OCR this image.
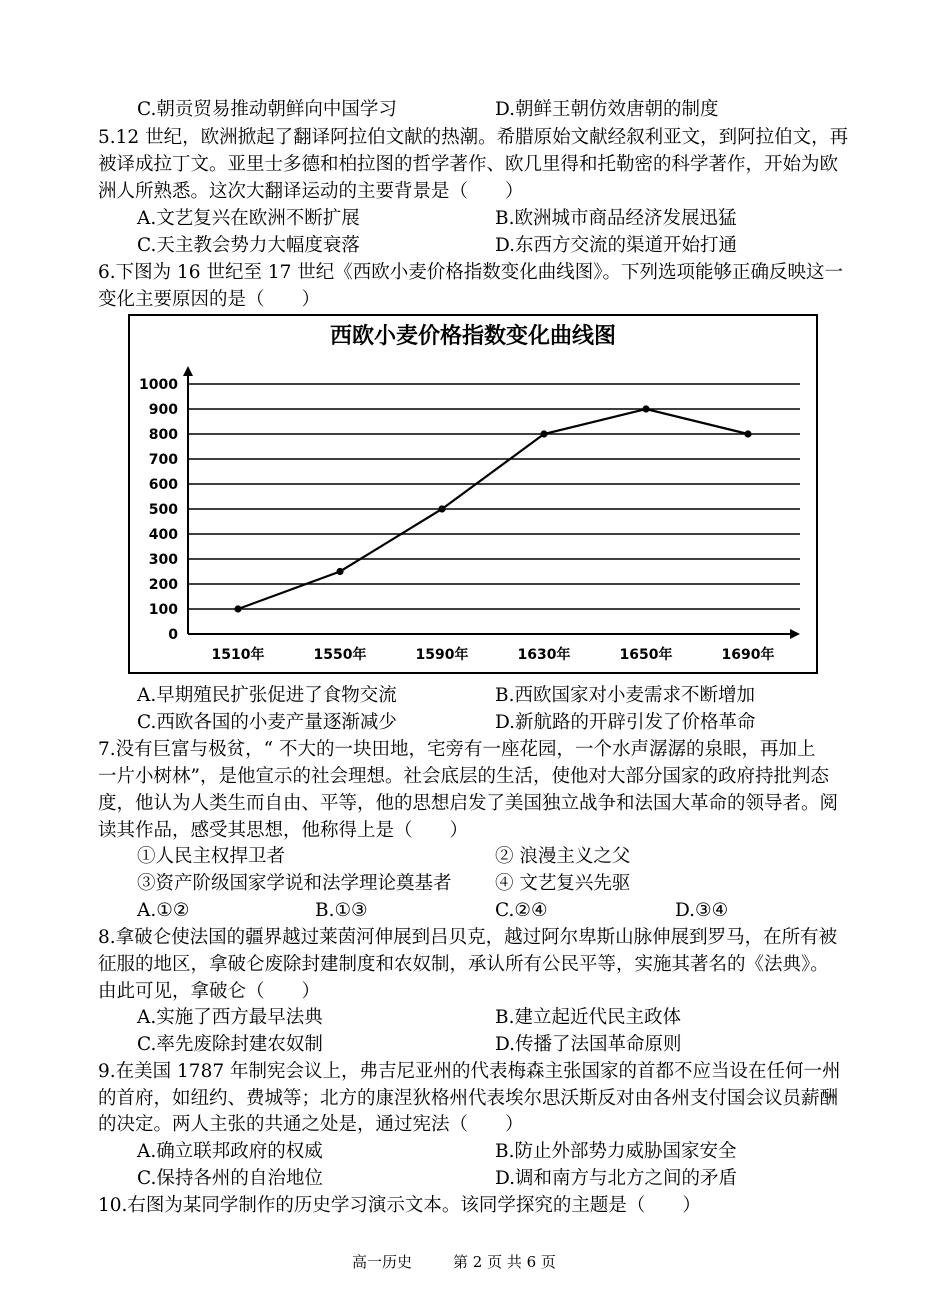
C.朝贡贸易推动朝鲜向中国学习	D.朝鲜王朝仿效唐朝的制度
5.12 世纪，欧洲掀起了翻译阿拉伯文献的热潮。希腊原始文献经叙利亚文，到阿拉伯文，再
被译成拉丁文。亚里士多德和柏拉图的哲学著作、欧几里得和托勒密的科学著作，开始为欧
洲人所熟悉。这次大翻译运动的主要背景是（　　）
A.文艺复兴在欧洲不断扩展	B.欧洲城市商品经济发展迅猛
C.天主教会势力大幅度衰落	D.东西方交流的渠道开始打通
6.下图为 16 世纪至 17 世纪《西欧小麦价格指数变化曲线图》。下列选项能够正确反映这一
变化主要原因的是（　　）
西欧小麦价格指数变化曲线图
0
100
200
300
400
500
600
700
800
900
1000
1510年	1550年	1590年	1630年	1650年	1690年
A.早期殖民扩张促进了食物交流	B.西欧国家对小麦需求不断增加
C.西欧各国的小麦产量逐渐减少	D.新航路的开辟引发了价格革命
7.没有巨富与极贫，“ 不大的一块田地，宅旁有一座花园，一个水声潺潺的泉眼，再加上
一片小树林”，是他宣示的社会理想。社会底层的生活，使他对大部分国家的政府持批判态
度，他认为人类生而自由、平等，他的思想启发了美国独立战争和法国大革命的领导者。阅
读其作品，感受其思想，他称得上是（　　）
①人民主权捍卫者	② 浪漫主义之父
③资产阶级国家学说和法学理论奠基者 ④ 文艺复兴先驱
A.①②	B.①③	C.②④	D.③④
8.拿破仑使法国的疆界越过莱茵河伸展到吕贝克，越过阿尔卑斯山脉伸展到罗马，在所有被
征服的地区，拿破仑废除封建制度和农奴制，承认所有公民平等，实施其著名的《法典》。
由此可见，拿破仑（　　）
A.实施了西方最早法典	B.建立起近代民主政体
C.率先废除封建农奴制	D.传播了法国革命原则
9.在美国 1787 年制宪会议上，弗吉尼亚州的代表梅森主张国家的首都不应当设在任何一州
的首府，如纽约、费城等；北方的康涅狄格州代表埃尔思沃斯反对由各州支付国会议员薪酬
的决定。两人主张的共通之处是，通过宪法（　　）
A.确立联邦政府的权威	B.防止外部势力威胁国家安全
C.保持各州的自治地位	D.调和南方与北方之间的矛盾
10.右图为某同学制作的历史学习演示文本。该同学探究的主题是（　　）
高一历史	第 2 页 共 6 页
